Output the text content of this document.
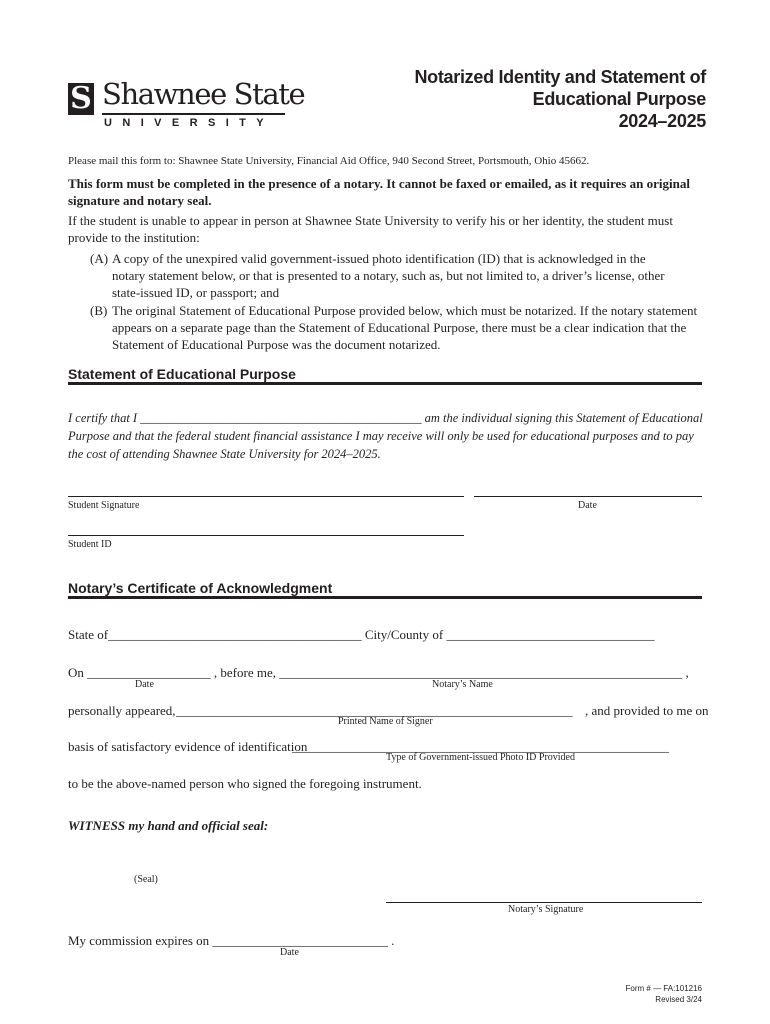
S Shawnee State
UNIVERSITY
Notarized Identity and Statement of
Educational Purpose
2024–2025
Please mail this form to: Shawnee State University, Financial Aid Office, 940 Second Street, Portsmouth, Ohio 45662.
This form must be completed in the presence of a notary. It cannot be faxed or emailed, as it requires an original signature and notary seal.
If the student is unable to appear in person at Shawnee State University to verify his or her identity, the student must provide to the institution:
(A) A copy of the unexpired valid government-issued photo identification (ID) that is acknowledged in the notary statement below, or that is presented to a notary, such as, but not limited to, a driver’s license, other state-issued ID, or passport; and
(B) The original Statement of Educational Purpose provided below, which must be notarized. If the notary statement appears on a separate page than the Statement of Educational Purpose, there must be a clear indication that the Statement of Educational Purpose was the document notarized.
Statement of Educational Purpose
I certify that I _____________________________________________ am the individual signing this Statement of Educational Purpose and that the federal student financial assistance I may receive will only be used for educational purposes and to pay the cost of attending Shawnee State University for 2024–2025.
Student Signature	Date
Student ID
Notary’s Certificate of Acknowledgment
State of_______________________________________ City/County of ________________________________
On ___________________ , before me, ______________________________________________________________ ,
Date	Notary’s Name
personally appeared, _____________________________________________________________ , and provided to me on
Printed Name of Signer
basis of satisfactory evidence of identification
__________________________________________________________
Type of Government-issued Photo ID Provided
to be the above-named person who signed the foregoing instrument.
WITNESS my hand and official seal:
(Seal)
Notary’s Signature
My commission expires on ___________________________ .
Date
Form # — FA:101216
Revised 3/24
